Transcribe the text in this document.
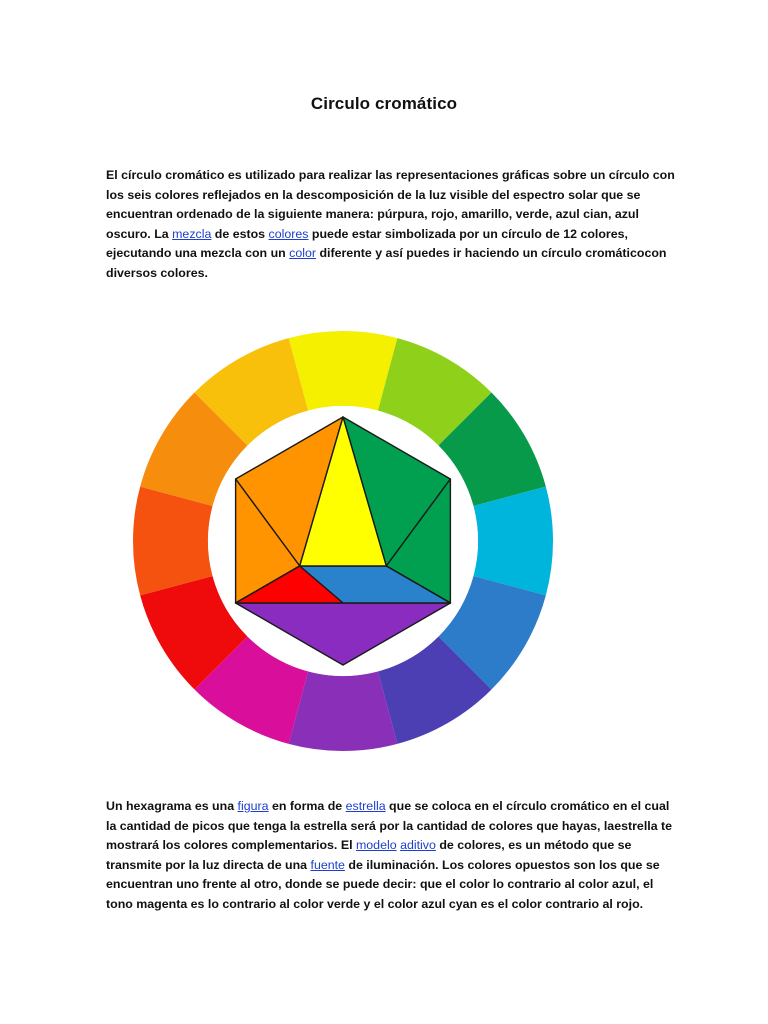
Circulo cromático

El círculo cromático es utilizado para realizar las representaciones gráficas sobre un círculo con

los seis colores reflejados en la descomposición de la luz visible del espectro solar que se

encuentran ordenado de la siguiente manera: púrpura, rojo, amarillo, verde, azul cian, azul

oscuro. La mezcla de estos colores puede estar simbolizada por un círculo de 12 colores,

ejecutando una mezcla con un color diferente y así puedes ir haciendo un círculo cromáticocon

diversos colores.

Un hexagrama es una figura en forma de estrella que se coloca en el círculo cromático en el cual

la cantidad de picos que tenga la estrella será por la cantidad de colores que hayas, laestrella te

mostrará los colores complementarios. El modelo aditivo de colores, es un método que se

transmite por la luz directa de una fuente de iluminación. Los colores opuestos son los que se

encuentran uno frente al otro, donde se puede decir: que el color lo contrario al color azul, el

tono magenta es lo contrario al color verde y el color azul cyan es el color contrario al rojo.
